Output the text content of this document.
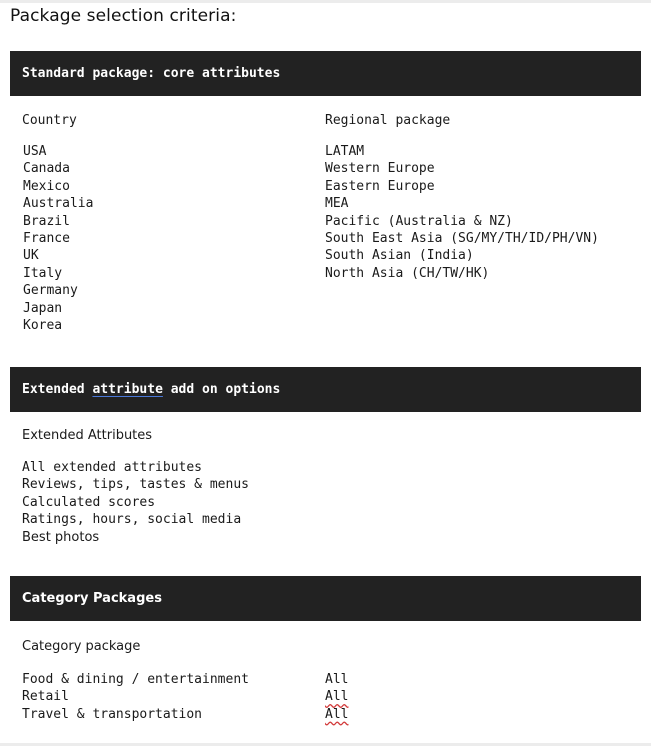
Package selection criteria:
Standard package: core attributes
Country	Regional package
USA
Canada
Mexico
Australia
Brazil
France
UK
Italy
Germany
Japan
Korea
LATAM
Western Europe
Eastern Europe
MEA
Pacific (Australia & NZ)
South East Asia (SG/MY/TH/ID/PH/VN)
South Asian (India)
North Asia (CH/TW/HK)
Extended attribute add on options
Extended Attributes
All extended attributes
Reviews, tips, tastes & menus
Calculated scores
Ratings, hours, social media
Best photos
Category Packages
Category package
Food & dining / entertainment
Retail
Travel & transportation
All
All
All
